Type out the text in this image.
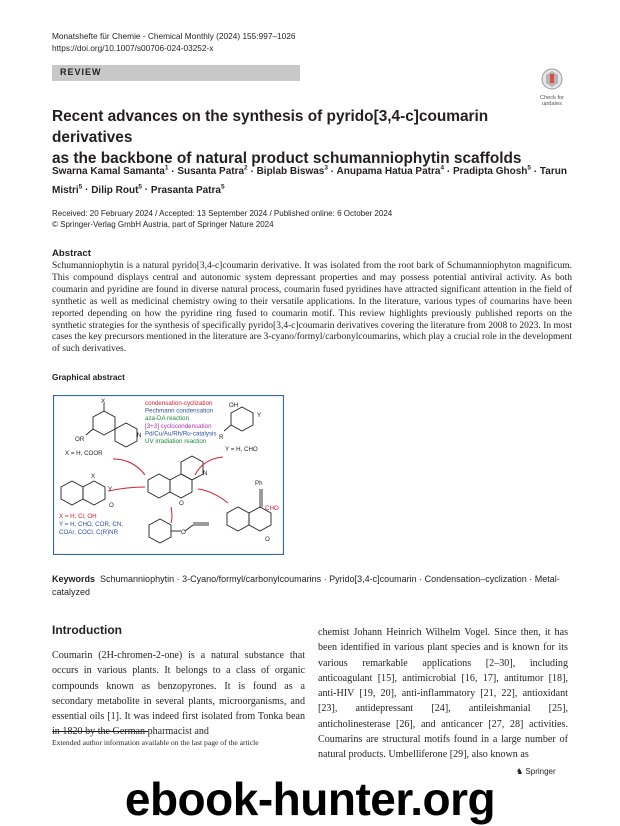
Monatshefte für Chemie - Chemical Monthly (2024) 155:997–1026
https://doi.org/10.1007/s00706-024-03252-x
REVIEW
Check for
updates
Recent advances on the synthesis of pyrido[3,4-c]coumarin derivatives
as the backbone of natural product schumanniophytin scaffolds
Swarna Kamal Samanta$^1$ · Susanta Patra$^2$ · Biplab Biswas$^3$ · Anupama Hatua Patra$^4$ · Pradipta Ghosh$^5$ · Tarun Mistri$^5$ · Dilip Rout$^5$ · Prasanta Patra$^5$
Received: 20 February 2024 / Accepted: 13 September 2024 / Published online: 6 October 2024
© Springer-Verlag GmbH Austria, part of Springer Nature 2024
Abstract
Schumanniophytin is a natural pyrido[3,4-c]coumarin derivative. It was isolated from the root bark of Schumanniophyton magnificum. This compound displays central and autonomic system depressant properties and may possess potential antiviral activity. As both coumarin and pyridine are found in diverse natural process, coumarin fused pyridines have attracted significant attention in the field of synthetic as well as medicinal chemistry owing to their versatile applications. In the literature, various types of coumarins have been reported depending on how the pyridine ring fused to coumarin motif. This review highlights previously published reports on the synthetic strategies for the synthesis of specifically pyrido[3,4-c]coumarin derivatives covering the literature from 2008 to 2023. In most cases the key precursors mentioned in the literature are 3-cyano/formyl/carbonylcoumarins, which play a crucial role in the development of such derivatives.
Graphical abstract
condensation-cyclization
Pechmann condensation
aza-DA reaction
[3+3] cyclocondensation
Pd/Cu/Au/Rh/Ru-catalysis
UV irradiation reaction
X
N
OR
X = H, COOR
OH
Y
R
Y = H, CHO
N
O
X
Y
O
X = H, Cl, OH
Y = H, CHO, COR, CN,
COAr, COCl, C(R)NR	O
Ph
CHO
O
Keywords Schumanniophytin · 3-Cyano/formyl/carbonylcoumarins · Pyrido[3,4-c]coumarin · Condensation–cyclization · Metal-catalyzed
Introduction
Coumarin (2H-chromen-2-one) is a natural substance that occurs in various plants. It belongs to a class of organic compounds known as benzopyrones. It is found as a secondary metabolite in several plants, microorganisms, and essential oils [1]. It was indeed first isolated from Tonka bean in 1820 by the German pharmacist and
chemist Johann Heinrich Wilhelm Vogel. Since then, it has been identified in various plant species and is known for its various remarkable applications [2–30], including anticoagulant [15], antimicrobial [16, 17], antitumor [18], anti-HIV [19, 20], anti-inflammatory [21, 22], antioxidant [23], antidepressant [24], antileishmanial [25], anticholinesterase [26], and anticancer [27, 28] activities. Coumarins are structural motifs found in a large number of natural products. Umbelliferone [29], also known as
Extended author information available on the last page of the article
♞ Springer
ebook-hunter.org
